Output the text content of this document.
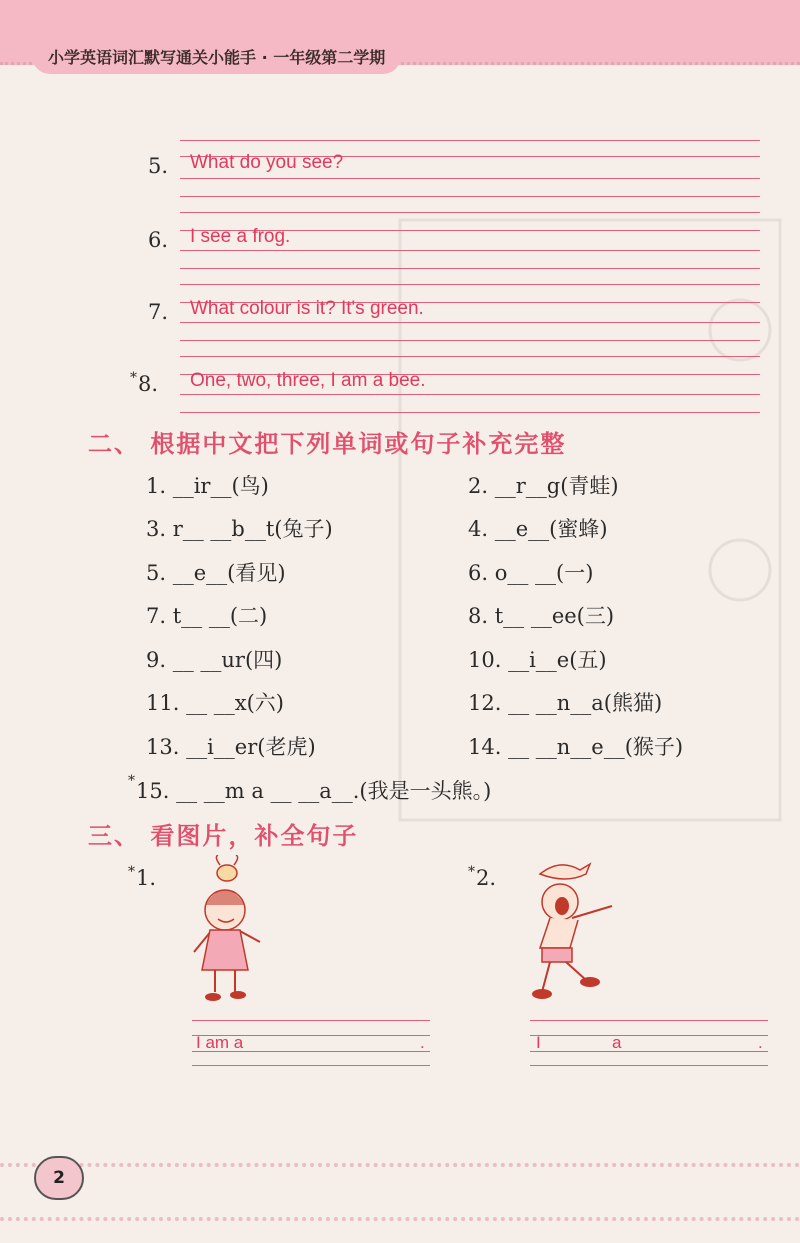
小学英语词汇默写通关小能手 · 一年级第二学期
5. What do you see?
6. I see a frog.
7. What colour is it? It's green.
*8. One, two, three, I am a bee.
二、 根据中文把下列单词或句子补充完整
1. __ir__(鸟)	2. __r__g(青蛙)
3. r__ __b__t(兔子)	4. __e__(蜜蜂)
5. __e__(看见)	6. o__ __(一)
7. t__ __(二)	8. t__ __ee(三)
9. __ __ur(四)	10. __i__e(五)
11. __ __x(六)	12. __ __n__a(熊猫)
13. __i__er(老虎)	14. __ __n__e__(猴子)
*15. __ __m a __ __a__.(我是一头熊。)
三、 看图片，补全句子
*1.	*2.
I am a	.	I	a	.
2
